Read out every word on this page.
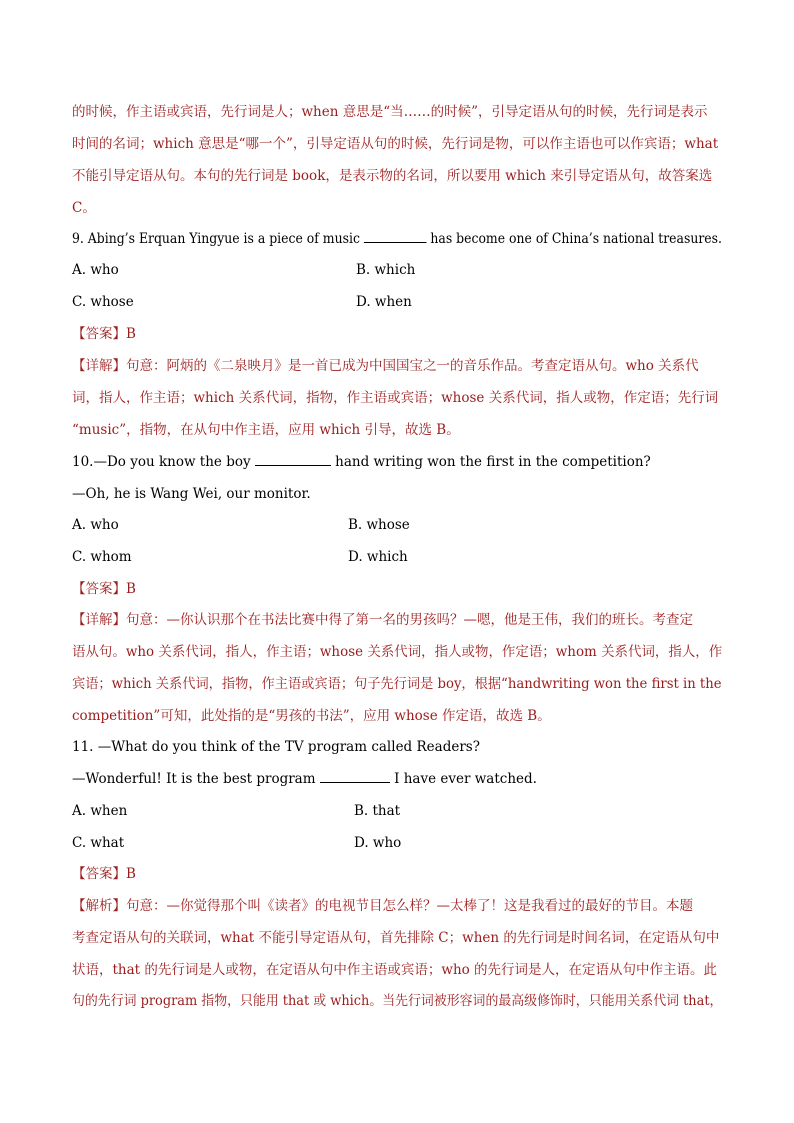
的时候，作主语或宾语，先行词是人；when 意思是“当……的时候”，引导定语从句的时候，先行词是表示
时间的名词；which 意思是“哪一个”，引导定语从句的时候，先行词是物，可以作主语也可以作宾语；what
不能引导定语从句。本句的先行词是 book，是表示物的名词，所以要用 which 来引导定语从句，故答案选
C。
9. Abing’s Erquan Yingyue is a piece of music	has become one of China’s national treasures.
A. who	B. which
C. whose	D. when
【答案】B
【详解】句意：阿炳的《二泉映月》是一首已成为中国国宝之一的音乐作品。考查定语从句。who 关系代
词，指人，作主语；which 关系代词，指物，作主语或宾语；whose 关系代词，指人或物，作定语；先行词
“music”，指物，在从句中作主语，应用 which 引导，故选 B。
10.—Do you know the boy	hand writing won the first in the competition?
—Oh, he is Wang Wei, our monitor.
A. who	B. whose
C. whom	D. which
【答案】B
【详解】句意：—你认识那个在书法比赛中得了第一名的男孩吗？—嗯，他是王伟，我们的班长。考查定
语从句。who 关系代词，指人，作主语；whose 关系代词，指人或物，作定语；whom 关系代词，指人，作
宾语；which 关系代词，指物，作主语或宾语；句子先行词是 boy，根据“handwriting won the first in the
competition”可知，此处指的是“男孩的书法”，应用 whose 作定语，故选 B。
11. —What do you think of the TV program called Readers?
—Wonderful! It is the best program	I have ever watched.
A. when	B. that
C. what	D. who
【答案】B
【解析】句意：—你觉得那个叫《读者》的电视节目怎么样？—太棒了！这是我看过的最好的节目。本题
考查定语从句的关联词，what 不能引导定语从句，首先排除 C；when 的先行词是时间名词，在定语从句中
状语，that 的先行词是人或物，在定语从句中作主语或宾语；who 的先行词是人，在定语从句中作主语。此
句的先行词 program 指物，只能用 that 或 which。当先行词被形容词的最高级修饰时，只能用关系代词 that，
